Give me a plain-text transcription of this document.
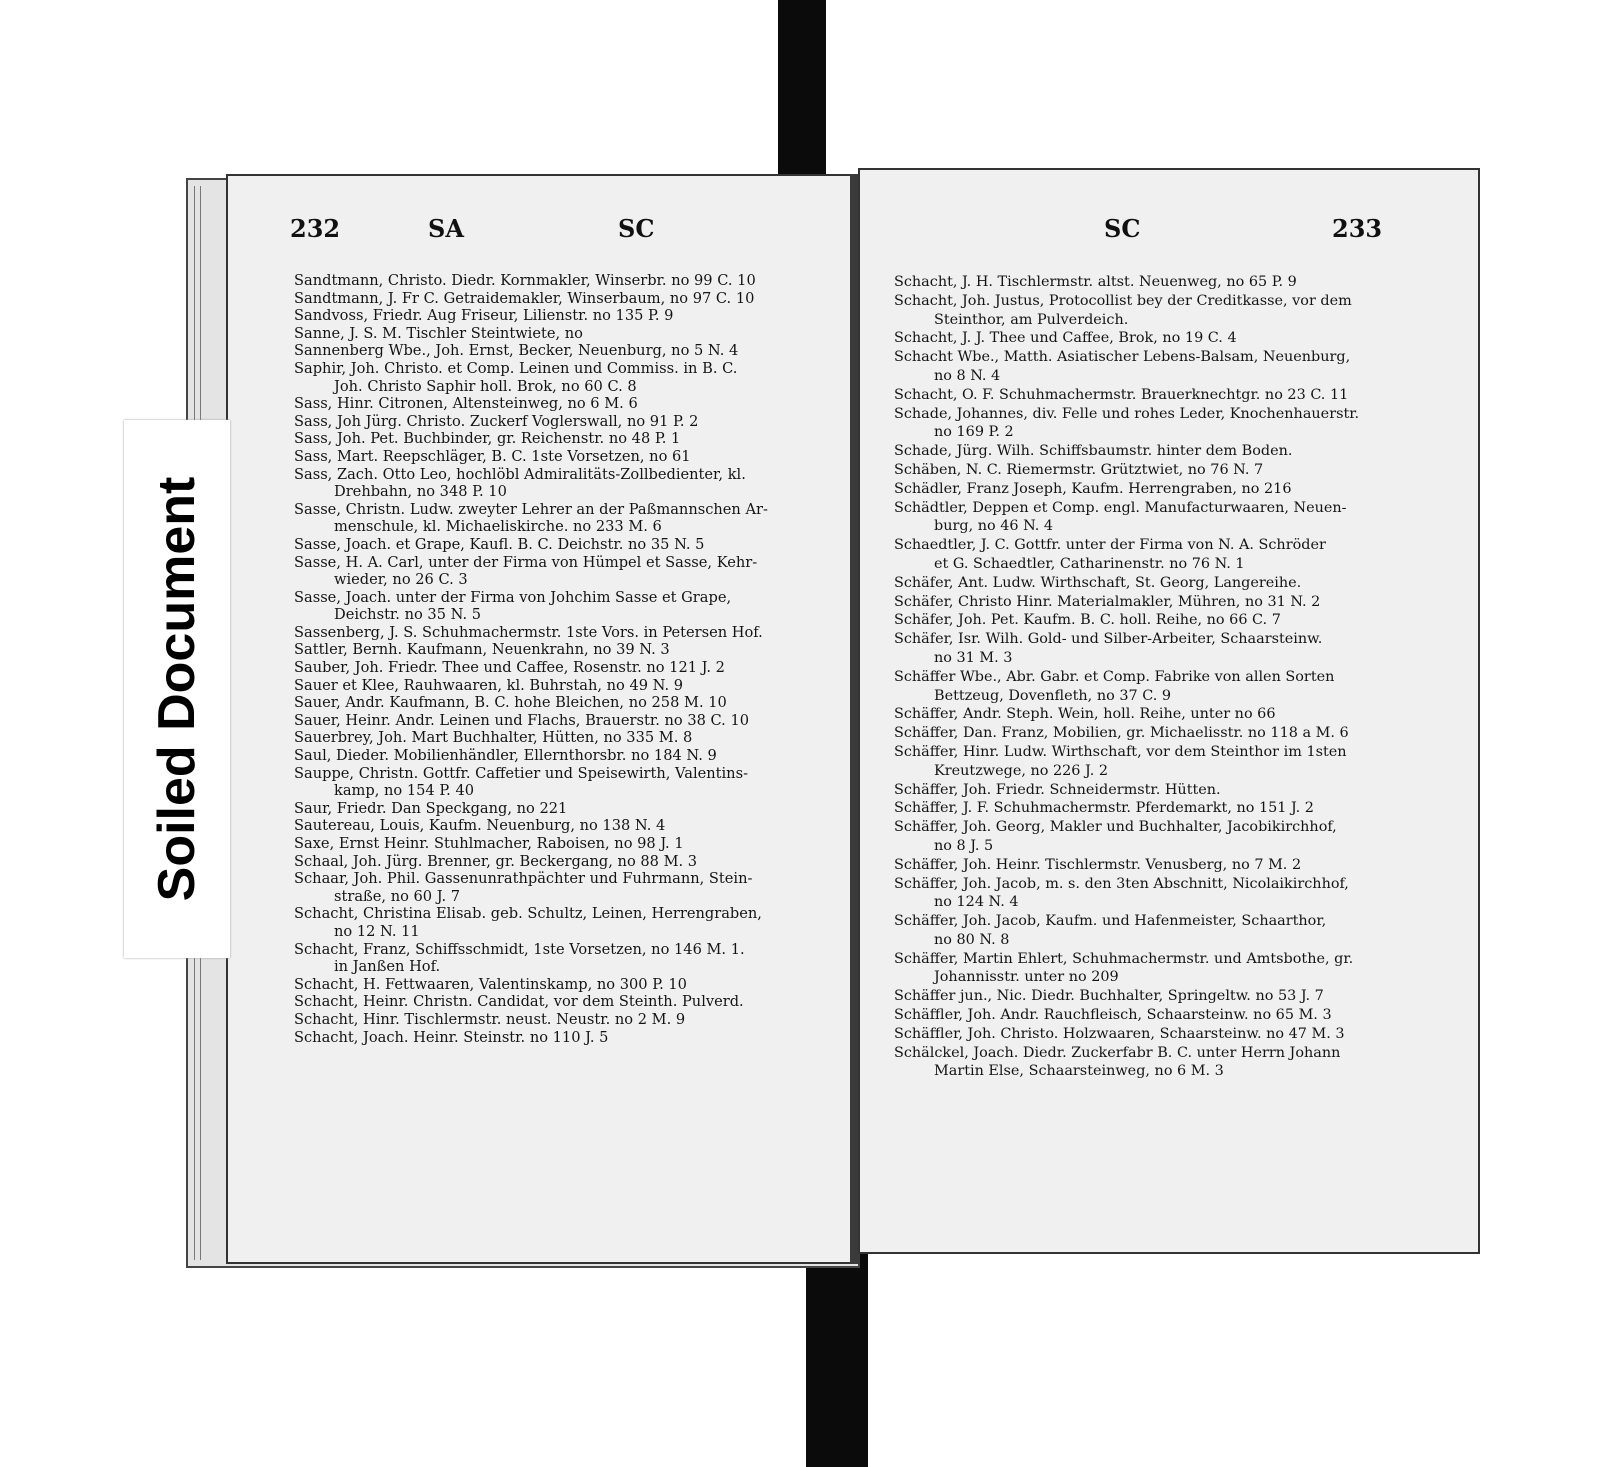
232	SA	SC
Sandtmann, Christo. Diedr. Kornmakler, Winserbr. no 99 C. 10
Sandtmann, J. Fr C. Getraidemakler, Winserbaum, no 97 C. 10
Sandvoss, Friedr. Aug Friseur, Lilienstr. no 135 P. 9
Sanne, J. S. M. Tischler Steintwiete, no
Sannenberg Wbe., Joh. Ernst, Becker, Neuenburg, no 5 N. 4
Saphir, Joh. Christo. et Comp. Leinen und Commiss. in B. C.
Joh. Christo Saphir holl. Brok, no 60 C. 8
Sass, Hinr. Citronen, Altensteinweg, no 6 M. 6
Sass, Joh Jürg. Christo. Zuckerf Voglerswall, no 91 P. 2
Sass, Joh. Pet. Buchbinder, gr. Reichenstr. no 48 P. 1
Sass, Mart. Reepschläger, B. C. 1ste Vorsetzen, no 61
Sass, Zach. Otto Leo, hochlöbl Admiralitäts-Zollbedienter, kl.
Drehbahn, no 348 P. 10
Sasse, Christn. Ludw. zweyter Lehrer an der Paßmannschen Ar-
menschule, kl. Michaeliskirche. no 233 M. 6
Sasse, Joach. et Grape, Kaufl. B. C. Deichstr. no 35 N. 5
Sasse, H. A. Carl, unter der Firma von Hümpel et Sasse, Kehr-
wieder, no 26 C. 3
Sasse, Joach. unter der Firma von Johchim Sasse et Grape,
Deichstr. no 35 N. 5
Sassenberg, J. S. Schuhmachermstr. 1ste Vors. in Petersen Hof.
Sattler, Bernh. Kaufmann, Neuenkrahn, no 39 N. 3
Sauber, Joh. Friedr. Thee und Caffee, Rosenstr. no 121 J. 2
Sauer et Klee, Rauhwaaren, kl. Buhrstah, no 49 N. 9
Sauer, Andr. Kaufmann, B. C. hohe Bleichen, no 258 M. 10
Sauer, Heinr. Andr. Leinen und Flachs, Brauerstr. no 38 C. 10
Sauerbrey, Joh. Mart Buchhalter, Hütten, no 335 M. 8
Saul, Dieder. Mobilienhändler, Ellernthorsbr. no 184 N. 9
Sauppe, Christn. Gottfr. Caffetier und Speisewirth, Valentins-
kamp, no 154 P. 40
Saur, Friedr. Dan Speckgang, no 221
Sautereau, Louis, Kaufm. Neuenburg, no 138 N. 4
Saxe, Ernst Heinr. Stuhlmacher, Raboisen, no 98 J. 1
Schaal, Joh. Jürg. Brenner, gr. Beckergang, no 88 M. 3
Schaar, Joh. Phil. Gassenunrathpächter und Fuhrmann, Stein-
straße, no 60 J. 7
Schacht, Christina Elisab. geb. Schultz, Leinen, Herrengraben,
no 12 N. 11
Schacht, Franz, Schiffsschmidt, 1ste Vorsetzen, no 146 M. 1.
in Janßen Hof.
Schacht, H. Fettwaaren, Valentinskamp, no 300 P. 10
Schacht, Heinr. Christn. Candidat, vor dem Steinth. Pulverd.
Schacht, Hinr. Tischlermstr. neust. Neustr. no 2 M. 9
Schacht, Joach. Heinr. Steinstr. no 110 J. 5
SC	233
Schacht, J. H. Tischlermstr. altst. Neuenweg, no 65 P. 9
Schacht, Joh. Justus, Protocollist bey der Creditkasse, vor dem
Steinthor, am Pulverdeich.
Schacht, J. J. Thee und Caffee, Brok, no 19 C. 4
Schacht Wbe., Matth. Asiatischer Lebens-Balsam, Neuenburg,
no 8 N. 4
Schacht, O. F. Schuhmachermstr. Brauerknechtgr. no 23 C. 11
Schade, Johannes, div. Felle und rohes Leder, Knochenhauerstr.
no 169 P. 2
Schade, Jürg. Wilh. Schiffsbaumstr. hinter dem Boden.
Schäben, N. C. Riemermstr. Grütztwiet, no 76 N. 7
Schädler, Franz Joseph, Kaufm. Herrengraben, no 216
Schädtler, Deppen et Comp. engl. Manufacturwaaren, Neuen-
burg, no 46 N. 4
Schaedtler, J. C. Gottfr. unter der Firma von N. A. Schröder
et G. Schaedtler, Catharinenstr. no 76 N. 1
Schäfer, Ant. Ludw. Wirthschaft, St. Georg, Langereihe.
Schäfer, Christo Hinr. Materialmakler, Mühren, no 31 N. 2
Schäfer, Joh. Pet. Kaufm. B. C. holl. Reihe, no 66 C. 7
Schäfer, Isr. Wilh. Gold- und Silber-Arbeiter, Schaarsteinw.
no 31 M. 3
Schäffer Wbe., Abr. Gabr. et Comp. Fabrike von allen Sorten
Bettzeug, Dovenfleth, no 37 C. 9
Schäffer, Andr. Steph. Wein, holl. Reihe, unter no 66
Schäffer, Dan. Franz, Mobilien, gr. Michaelisstr. no 118 a M. 6
Schäffer, Hinr. Ludw. Wirthschaft, vor dem Steinthor im 1sten
Kreutzwege, no 226 J. 2
Schäffer, Joh. Friedr. Schneidermstr. Hütten.
Schäffer, J. F. Schuhmachermstr. Pferdemarkt, no 151 J. 2
Schäffer, Joh. Georg, Makler und Buchhalter, Jacobikirchhof,
no 8 J. 5
Schäffer, Joh. Heinr. Tischlermstr. Venusberg, no 7 M. 2
Schäffer, Joh. Jacob, m. s. den 3ten Abschnitt, Nicolaikirchhof,
no 124 N. 4
Schäffer, Joh. Jacob, Kaufm. und Hafenmeister, Schaarthor,
no 80 N. 8
Schäffer, Martin Ehlert, Schuhmachermstr. und Amtsbothe, gr.
Johannisstr. unter no 209
Schäffer jun., Nic. Diedr. Buchhalter, Springeltw. no 53 J. 7
Schäffler, Joh. Andr. Rauchfleisch, Schaarsteinw. no 65 M. 3
Schäffler, Joh. Christo. Holzwaaren, Schaarsteinw. no 47 M. 3
Schälckel, Joach. Diedr. Zuckerfabr B. C. unter Herrn Johann
Martin Else, Schaarsteinweg, no 6 M. 3
Soiled Document
